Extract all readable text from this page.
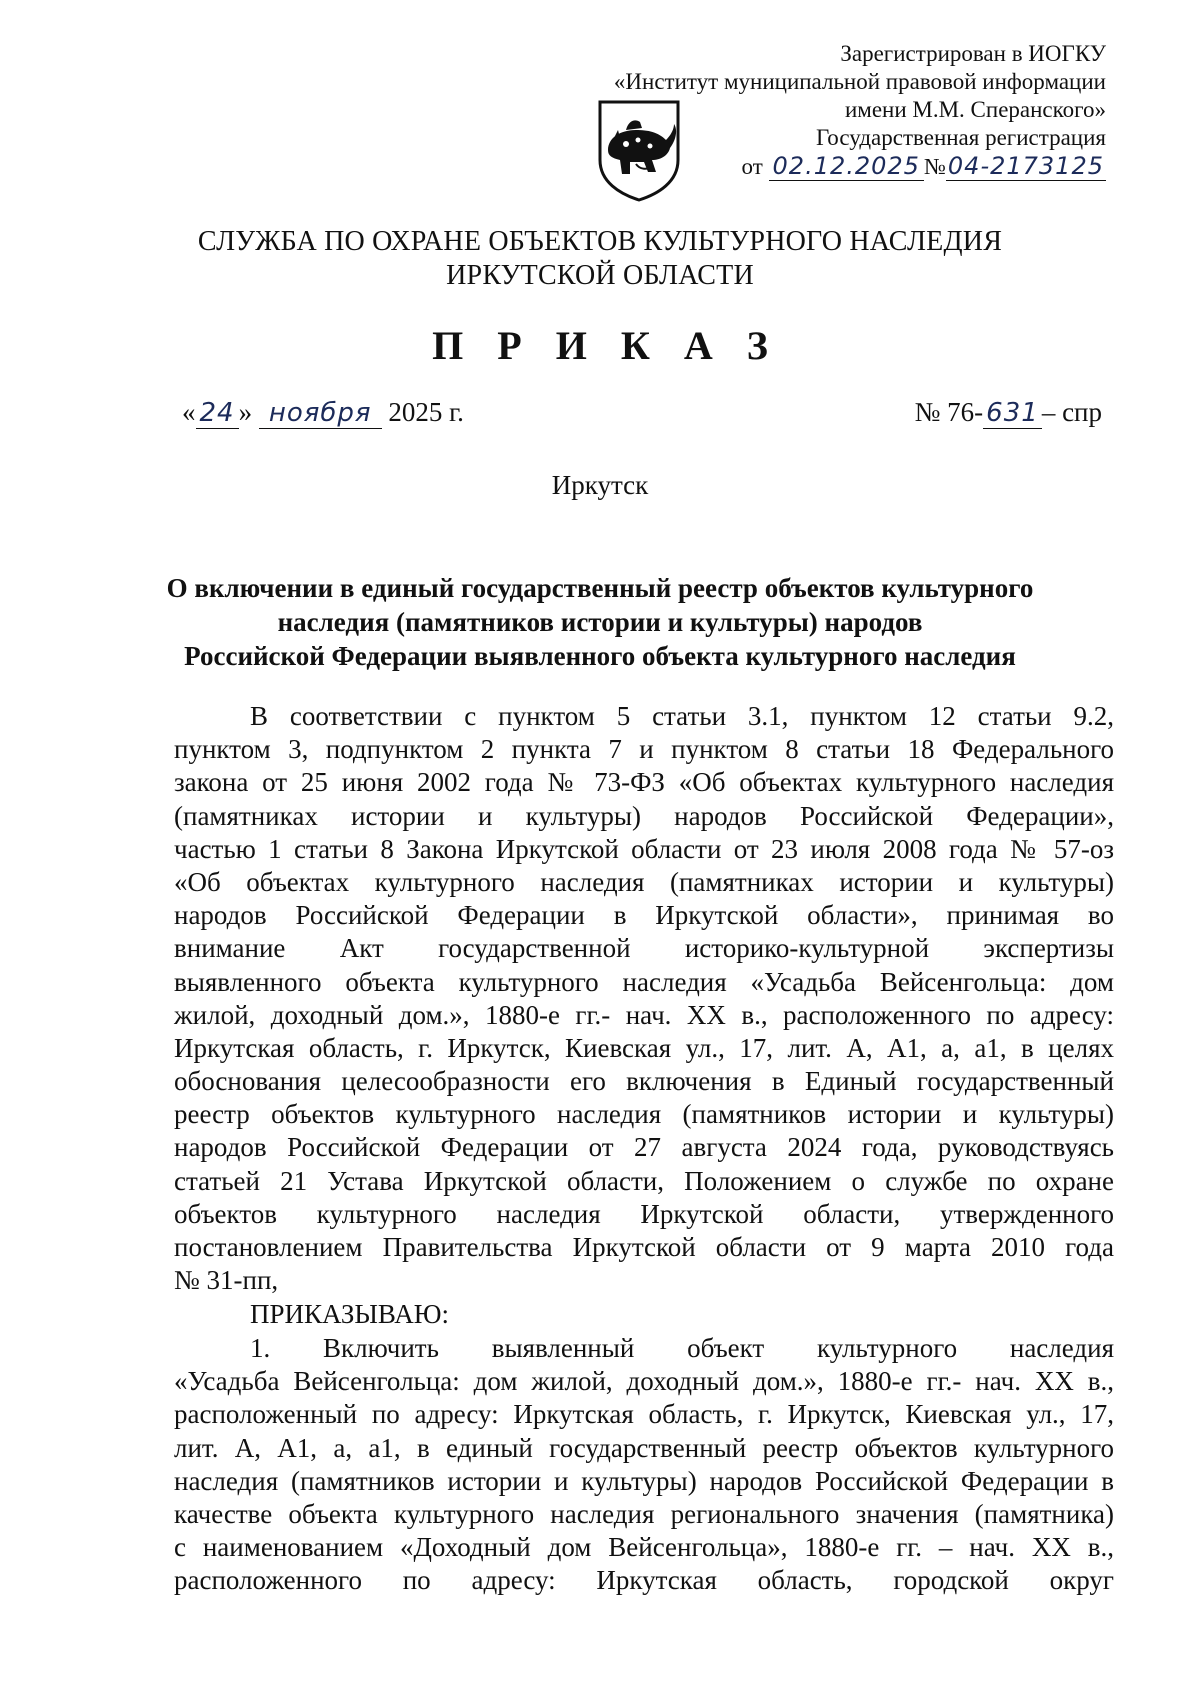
Зарегистрирован в ИОГКУ
«Институт муниципальной правовой информации
имени М.М. Сперанского»
Государственная регистрация
от 02.12.2025 №04-2173125
СЛУЖБА ПО ОХРАНЕ ОБЪЕКТОВ КУЛЬТУРНОГО НАСЛЕДИЯ
ИРКУТСКОЙ ОБЛАСТИ
П Р И К А З
« 24 » ноября 2025 г.	№ 76- 631 – спр
Иркутск
О включении в единый государственный реестр объектов культурного
наследия (памятников истории и культуры) народов
Российской Федерации выявленного объекта культурного наследия
В соответствии с пунктом 5 статьи 3.1, пунктом 12 статьи 9.2,
пунктом 3, подпунктом 2 пункта 7 и пунктом 8 статьи 18 Федерального
закона от 25 июня 2002 года № 73-ФЗ «Об объектах культурного наследия
(памятниках истории и культуры) народов Российской Федерации»,
частью 1 статьи 8 Закона Иркутской области от 23 июля 2008 года № 57-оз
«Об объектах культурного наследия (памятниках истории и культуры)
народов Российской Федерации в Иркутской области», принимая во
внимание Акт государственной историко-культурной экспертизы
выявленного объекта культурного наследия «Усадьба Вейсенгольца: дом
жилой, доходный дом.», 1880-е гг.- нач. XX в., расположенного по адресу:
Иркутская область, г. Иркутск, Киевская ул., 17, лит. А, А1, а, а1, в целях
обоснования целесообразности его включения в Единый государственный
реестр объектов культурного наследия (памятников истории и культуры)
народов Российской Федерации от 27 августа 2024 года, руководствуясь
статьей 21 Устава Иркутской области, Положением о службе по охране
объектов культурного наследия Иркутской области, утвержденного
постановлением Правительства Иркутской области от 9 марта 2010 года
№ 31-пп,
ПРИКАЗЫВАЮ:
1. Включить выявленный объект культурного наследия
«Усадьба Вейсенгольца: дом жилой, доходный дом.», 1880-е гг.- нач. XX в.,
расположенный по адресу: Иркутская область, г. Иркутск, Киевская ул., 17,
лит. А, А1, а, а1, в единый государственный реестр объектов культурного
наследия (памятников истории и культуры) народов Российской Федерации в
качестве объекта культурного наследия регионального значения (памятника)
с наименованием «Доходный дом Вейсенгольца», 1880-е гг. – нач. XX в.,
расположенного по адресу: Иркутская область, городской округ
